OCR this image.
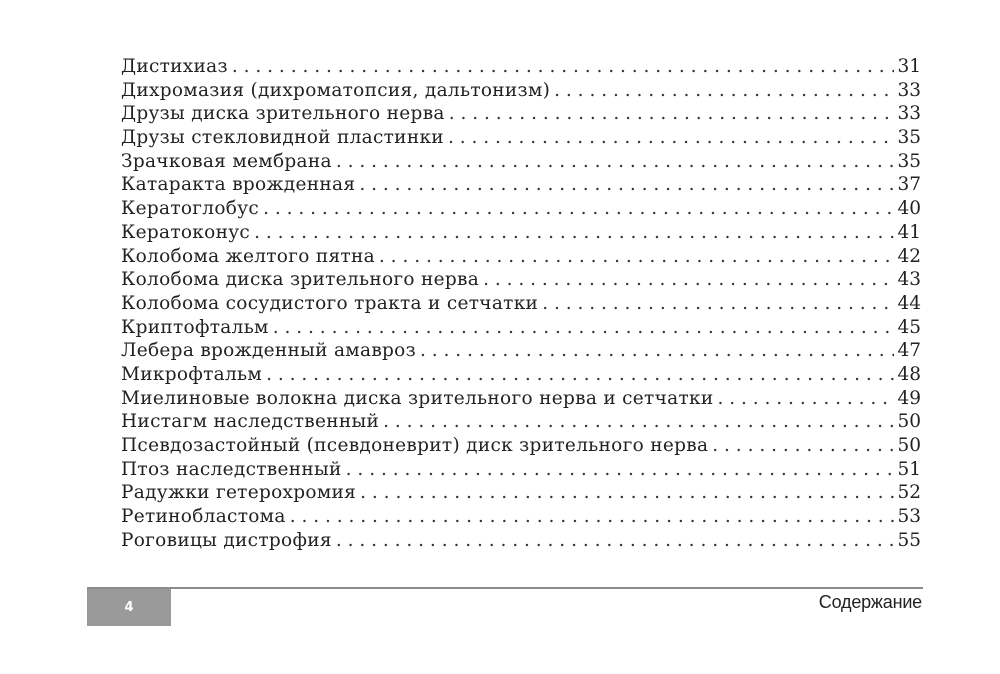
Дистихиаз . . .	31
Дихромазия (дихроматопсия, дальтонизм) . . .	33
Друзы диска зрительного нерва . . .	33
Друзы стекловидной пластинки . . .	35
Зрачковая мембрана . . .	35
Катаракта врожденная . . .	37
Кератоглобус . . .	40
Кератоконус . . .	41
Колобома желтого пятна . . .	42
Колобома диска зрительного нерва . . .	43
Колобома сосудистого тракта и сетчатки . . .	44
Криптофтальм . . .	45
Лебера врожденный амавроз . . .	47
Микрофтальм . . .	48
Миелиновые волокна диска зрительного нерва и сетчатки . . .	49
Нистагм наследственный . . .	50
Псевдозастойный (псевдоневрит) диск зрительного нерва . . .	50
Птоз наследственный . . .	51
Радужки гетерохромия . . .	52
Ретинобластома . . .	53
Роговицы дистрофия . . .	55
4	Содержание
